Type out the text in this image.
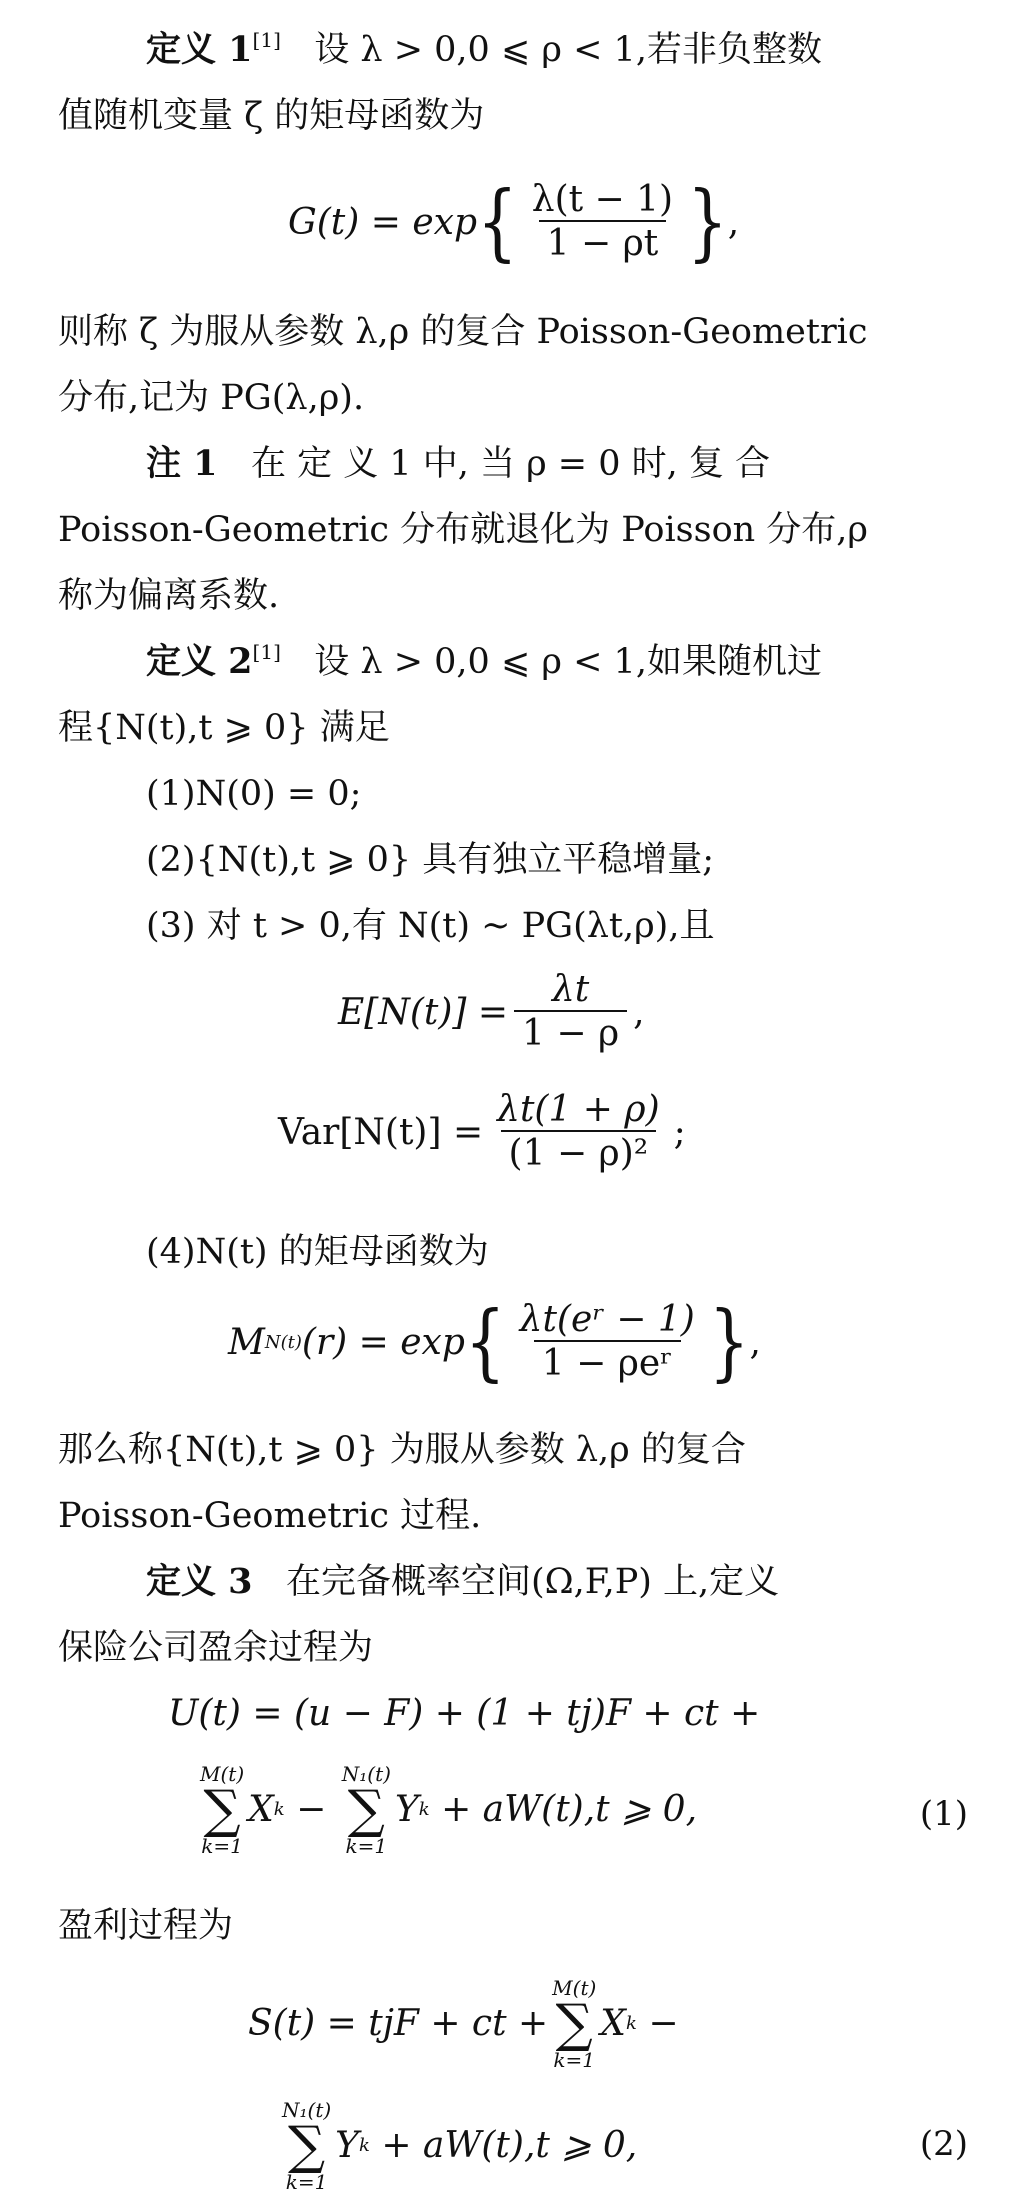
定义 1[1] 设 λ > 0,0 ⩽ ρ < 1,若非负整数
值随机变量 ζ 的矩母函数为
G(t) = exp { $\frac{\lambda(t - 1)}{1 - \rho t}$ } ,
则称 ζ 为服从参数 λ,ρ 的复合 Poisson-Geometric
分布,记为 PG(λ,ρ).
注 1 在 定 义 1 中, 当 ρ = 0 时, 复 合
Poisson-Geometric 分布就退化为 Poisson 分布,ρ
称为偏离系数.
定义 2[1] 设 λ > 0,0 ⩽ ρ < 1,如果随机过
程{N(t),t ⩾ 0} 满足
(1)N(0) = 0;
(2){N(t),t ⩾ 0} 具有独立平稳增量;
(3) 对 t > 0,有 N(t) ~ PG(λt,ρ),且
$E[N(t)] = \frac{\lambda t}{1 - \rho}$ ,
$Var[N(t)] = \frac{\lambda t(1 + \rho)}{\text{(1 − ρ)²}}$ ;
(4)N(t) 的矩母函数为
M N(t) (r) = exp { $\frac{\text{λt(eʳ − 1)}}{\text{1 − ρeʳ}}$ } ,
那么称{N(t),t ⩾ 0} 为服从参数 λ,ρ 的复合
Poisson-Geometric 过程.
定义 3 在完备概率空间(Ω,F,P) 上,定义
保险公司盈余过程为
U(t) = (u − F) + (1 + tj)F + ct +
M(t)
∑
k=1
X k
−

N₁(t)
∑
k=1
Y k
+ aW(t),t ⩾ 0,	(1)
盈利过程为
S(t) = tjF + ct +
M(t)
∑
k=1
X k
−
N₁(t)
∑
k=1
Y k
+ aW(t),t ⩾ 0,	(2)
